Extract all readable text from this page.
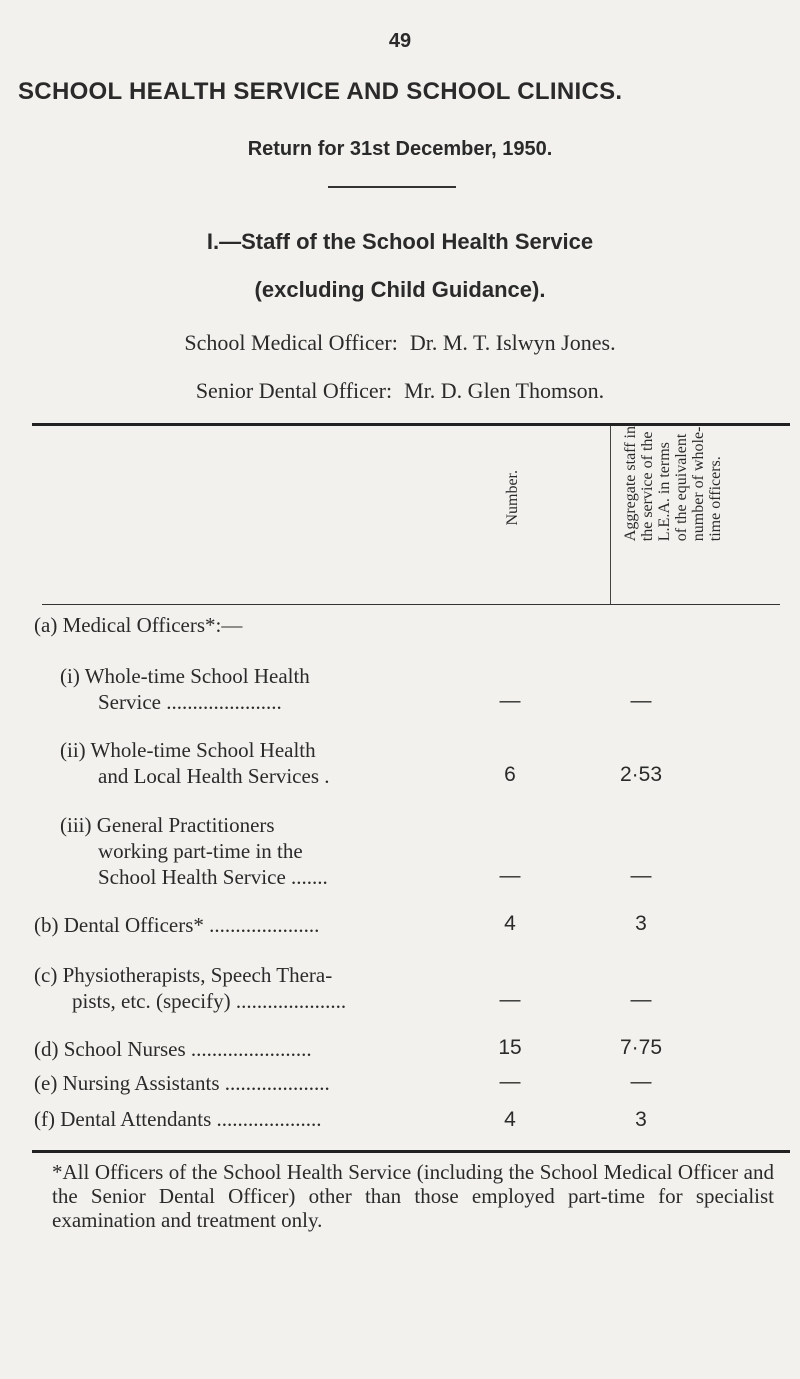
49
SCHOOL HEALTH SERVICE AND SCHOOL CLINICS.
Return for 31st December, 1950.
I.—Staff of the School Health Service
(excluding Child Guidance).
School Medical Officer: Dr. M. T. Islwyn Jones.
Senior Dental Officer: Mr. D. Glen Thomson.
Number.	Aggregate staff in
the service of the
L.E.A. in terms
of the equivalent
number of whole-
time officers.
(a) Medical Officers*:—
(i) Whole-time School Health
Service ......................	—	—
(ii) Whole-time School Health
and Local Health Services .	6	2·53
(iii) General Practitioners
working part-time in the
School Health Service .......	—	—
(b) Dental Officers* .....................	4	3
(c) Physiotherapists, Speech Thera-
pists, etc. (specify) .....................	—	—
(d) School Nurses .......................	15	7·75
(e) Nursing Assistants ....................	—	—
(f) Dental Attendants ....................	4	3
*All Officers of the School Health Service (including the School Medical Officer and the Senior Dental Officer) other than those employed part-time for specialist examination and treatment only.
